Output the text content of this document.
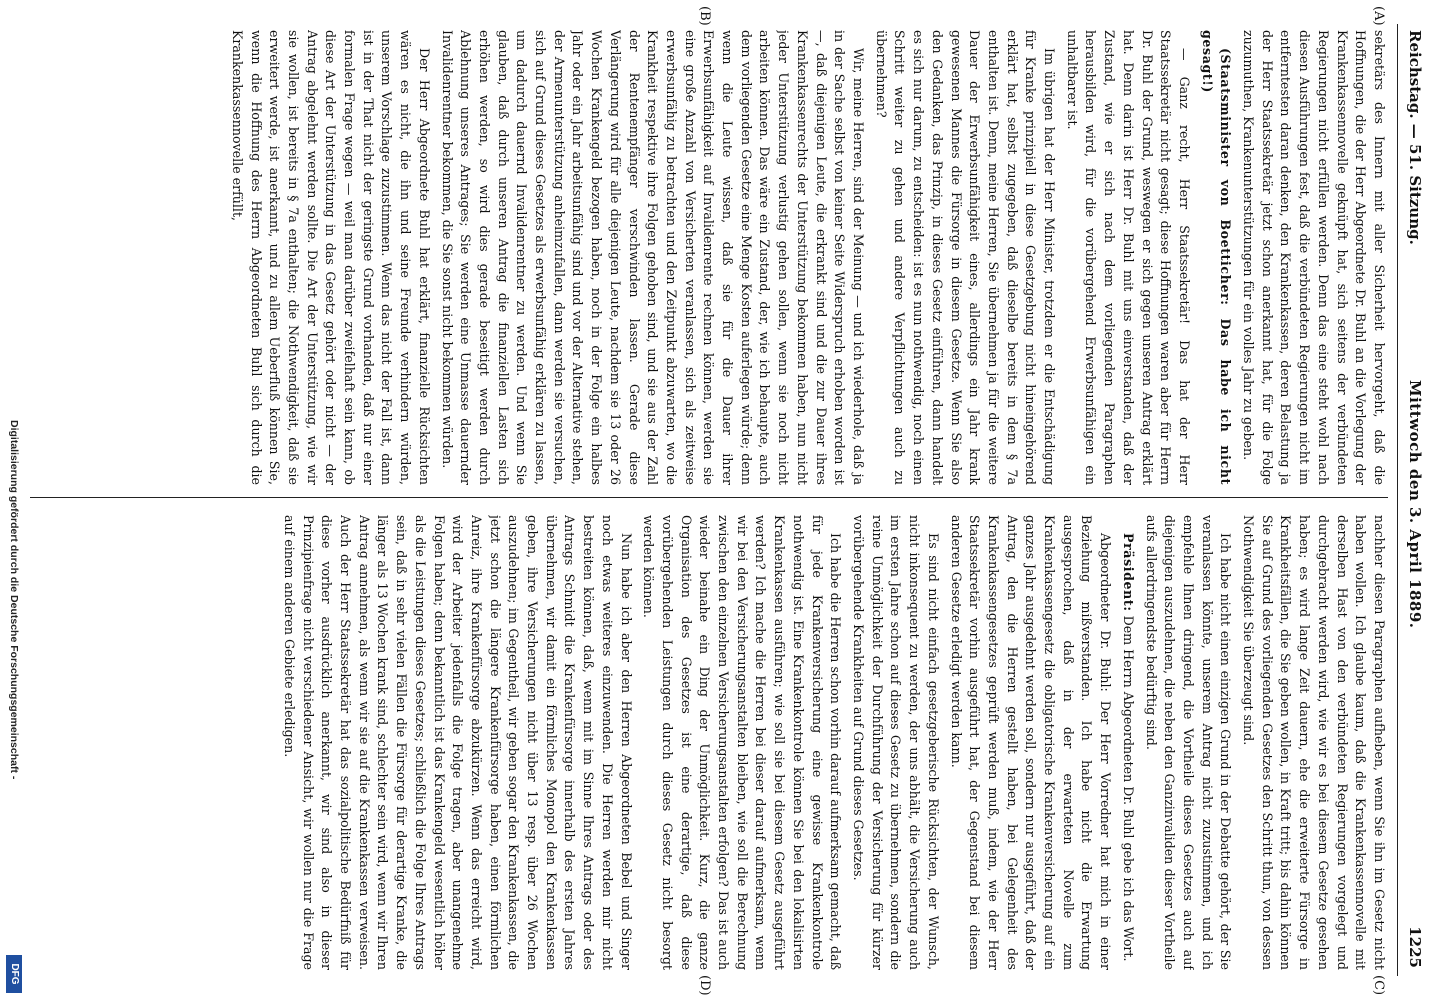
Reichstag. — 51. Sitzung.
Mittwoch den 3. April 1889.
1225
(A)
(B)
(C)
(D)

sekretärs des Innern mit aller Sicherheit hervorgeht, daß die Hoffnungen, die der Herr Abgeordnete Dr. Buhl an die Vorlegung der Krankenkassennovelle geknüpft hat, sich seitens der verbündeten Regierungen nicht erfüllen werden. Denn das eine steht wohl nach diesen Ausführungen fest, daß die verbündeten Regierungen nicht im entferntesten daran denken, den Krankenkassen, deren Belastung ja der Herr Staatssekretär jetzt schon anerkannt hat, für die Folge zuzumuthen, Krankenunterstützungen für ein volles Jahr zu geben.

(Staatsminister von Boetticher: Das habe ich nicht gesagt!)

— Ganz recht, Herr Staatssekretär! Das hat der Herr Staatssekretär nicht gesagt; diese Hoffnungen waren aber für Herrn Dr. Buhl der Grund, weswegen er sich gegen unseren Antrag erklärt hat. Denn darin ist Herr Dr. Buhl mit uns einverstanden, daß der Zustand, wie er sich nach dem vorliegenden Paragraphen herausbilden wird, für die vorübergehend Erwerbsunfähigen ein unhaltbarer ist.

Im übrigen hat der Herr Minister, trotzdem er die Entschädigung für Kranke prinzipiell in diese Gesetzgebung nicht hineingehörend erklärt hat, selbst zugegeben, daß dieselbe bereits in dem § 7a enthalten ist. Denn, meine Herren, Sie übernehmen ja für die weitere Dauer der Erwerbsunfähigkeit eines, allerdings ein Jahr krank gewesenen Mannes die Fürsorge in diesem Gesetze. Wenn Sie also den Gedanken, das Prinzip, in dieses Gesetz einführen, dann handelt es sich nur darum, zu entscheiden: ist es nun nothwendig, noch einen Schritt weiter zu gehen und andere Verpflichtungen auch zu übernehmen?

Wir, meine Herren, sind der Meinung — und ich wiederhole, daß ja in der Sache selbst von keiner Seite Widerspruch erhoben worden ist —, daß diejenigen Leute, die erkrankt sind und die zur Dauer ihres Krankenkassenrechts der Unterstützung bekommen haben, nun nicht jeder Unterstützung verlustig gehen sollen, wenn sie noch nicht arbeiten können. Das wäre ein Zustand, der, wie ich behaupte, auch dem vorliegenden Gesetze eine Menge Kosten auferlegen würde; denn wenn die Leute wissen, daß sie für die Dauer ihrer Erwerbsunfähigkeit auf Invalidenrente rechnen können, werden sie eine große Anzahl von Versicherten veranlassen, sich als zeitweise erwerbsunfähig zu betrachten und den Zeitpunkt abzuwarten, wo die Krankheit respektive ihre Folgen gehoben sind, und sie aus der Zahl der Rentenempfänger verschwinden lassen. Gerade diese Verlängerung wird für alle diejenigen Leute, nachdem sie 13 oder 26 Wochen Krankengeld bezogen haben, noch in der Folge ein halbes Jahr oder ein Jahr arbeitsunfähig sind und vor der Alternative stehen, der Armenunterstützung anheimzufallen, dann werden sie versuchen, sich auf Grund dieses Gesetzes als erwerbsunfähig erklären zu lassen, um dadurch dauernd Invalidenrentner zu werden. Und wenn Sie glauben, daß durch unseren Antrag die finanziellen Lasten sich erhöhen werden, so wird dies gerade beseitigt werden durch Ablehnung unseres Antrages; Sie werden eine Unmasse dauernder Invalidenrentner bekommen, die Sie sonst nicht bekommen würden.

Der Herr Abgeordnete Buhl hat erklärt, finanzielle Rücksichten wären es nicht, die ihn und seine Freunde verhindern würden, unserem Vorschlage zuzustimmen. Wenn das nicht der Fall ist, dann ist in der That nicht der geringste Grund vorhanden, daß nur einer formalen Frage wegen — weil man darüber zweifelhaft sein kann, ob diese Art der Unterstützung in das Gesetz gehört oder nicht — der Antrag abgelehnt werden sollte. Die Art der Unterstützung, wie wir sie wollen, ist bereits in § 7a enthalten; die Nothwendigkeit, daß sie erweitert werde, ist anerkannt, und zu allem Ueberfluß können Sie, wenn die Hoffnung des Herrn Abgeordneten Buhl sich durch die Krankenkassennovelle erfüllt,

nachher diesen Paragraphen aufheben, wenn Sie ihn im Gesetz nicht haben wollen. Ich glaube kaum, daß die Krankenkassennovelle mit derselben Hast von den verbündeten Regierungen vorgelegt und durchgebracht werden wird, wie wir es bei diesem Gesetze gesehen haben; es wird lange Zeit dauern, ehe die erweiterte Fürsorge in Krankheitsfällen, die Sie geben wollen, in Kraft tritt; bis dahin können Sie auf Grund des vorliegenden Gesetzes den Schritt thun, von dessen Nothwendigkeit Sie überzeugt sind.

Ich habe nicht einen einzigen Grund in der Debatte gehört, der Sie veranlassen könnte, unserem Antrag nicht zuzustimmen, und ich empfehle Ihnen dringend, die Vortheile dieses Gesetzes auch auf diejenigen auszudehnen, die neben den Ganzinvaliden dieser Vortheile aufs allerdringendste bedürftig sind.

Präsident: Dem Herrn Abgeordneten Dr. Buhl gebe ich das Wort.

Abgeordneter Dr. Buhl: Der Herr Vorredner hat mich in einer Beziehung mißverstanden. Ich habe nicht die Erwartung ausgesprochen, daß in der erwarteten Novelle zum Krankenkassengesetz die obligatorische Krankenversicherung auf ein ganzes Jahr ausgedehnt werden soll, sondern nur ausgeführt, daß der Antrag, den die Herren gestellt haben, bei Gelegenheit des Krankenkassengesetzes geprüft werden muß, indem, wie der Herr Staatssekretär vorhin ausgeführt hat, der Gegenstand bei diesem anderen Gesetze erledigt werden kann.

Es sind nicht einfach gesetzgeberische Rücksichten, der Wunsch, nicht inkonsequent zu werden, der uns abhält, die Versicherung auch im ersten Jahre schon auf dieses Gesetz zu übernehmen, sondern die reine Unmöglichkeit der Durchführung der Versicherung für kürzer vorübergehende Krankheiten auf Grund dieses Gesetzes.

Ich habe die Herren schon vorhin darauf aufmerksam gemacht, daß für jede Krankenversicherung eine gewisse Krankenkontrole nothwendig ist. Eine Krankenkontrole können Sie bei den lokalisirten Krankenkassen ausführen; wie soll sie bei diesem Gesetz ausgeführt werden? Ich mache die Herren bei dieser darauf aufmerksam, wenn wir bei den Versicherungsanstalten bleiben, wie soll die Berechnung zwischen den einzelnen Versicherungsanstalten erfolgen? Das ist auch wieder beinahe ein Ding der Unmöglichkeit. Kurz, die ganze Organisation des Gesetzes ist eine derartige, daß diese vorübergehenden Leistungen durch dieses Gesetz nicht besorgt werden können.

Nun habe ich aber den Herren Abgeordneten Bebel und Singer noch etwas weiteres einzuwenden. Die Herren werden mir nicht bestreiten können, daß, wenn mit im Sinne Ihres Antrags oder des Antrags Schmidt die Krankenfürsorge innerhalb des ersten Jahres übernehmen, wir damit ein förmliches Monopol den Krankenkassen geben, ihre Versicherungen nicht über 13 resp. über 26 Wochen auszudehnen; im Gegentheil, wir geben sogar den Krankenkassen, die jetzt schon die längere Krankenfürsorge haben, einen förmlichen Anreiz, ihre Krankenfürsorge abzukürzen. Wenn das erreicht wird, wird der Arbeiter jedenfalls die Folge tragen, aber unangenehme Folgen haben; denn bekanntlich ist das Krankengeld wesentlich höher als die Leistungen dieses Gesetzes; schließlich die Folge Ihres Antrags sein, daß in sehr vielen Fällen die Fürsorge für derartige Kranke, die länger als 13 Wochen krank sind, schlechter sein wird, wenn wir Ihren Antrag annehmen, als wenn wir sie auf die Krankenkassen verweisen. Auch der Herr Staatssekretär hat das sozialpolitische Bedürfniß für diese vorher ausdrücklich anerkannt, wir sind also in dieser Prinzipienfrage nicht verschiedener Ansicht, wir wollen nur die Frage auf einem anderen Gebiete erledigen.

Digitalisierung gefördert durch die Deutsche Forschungsgemeinschaft -
DFG
